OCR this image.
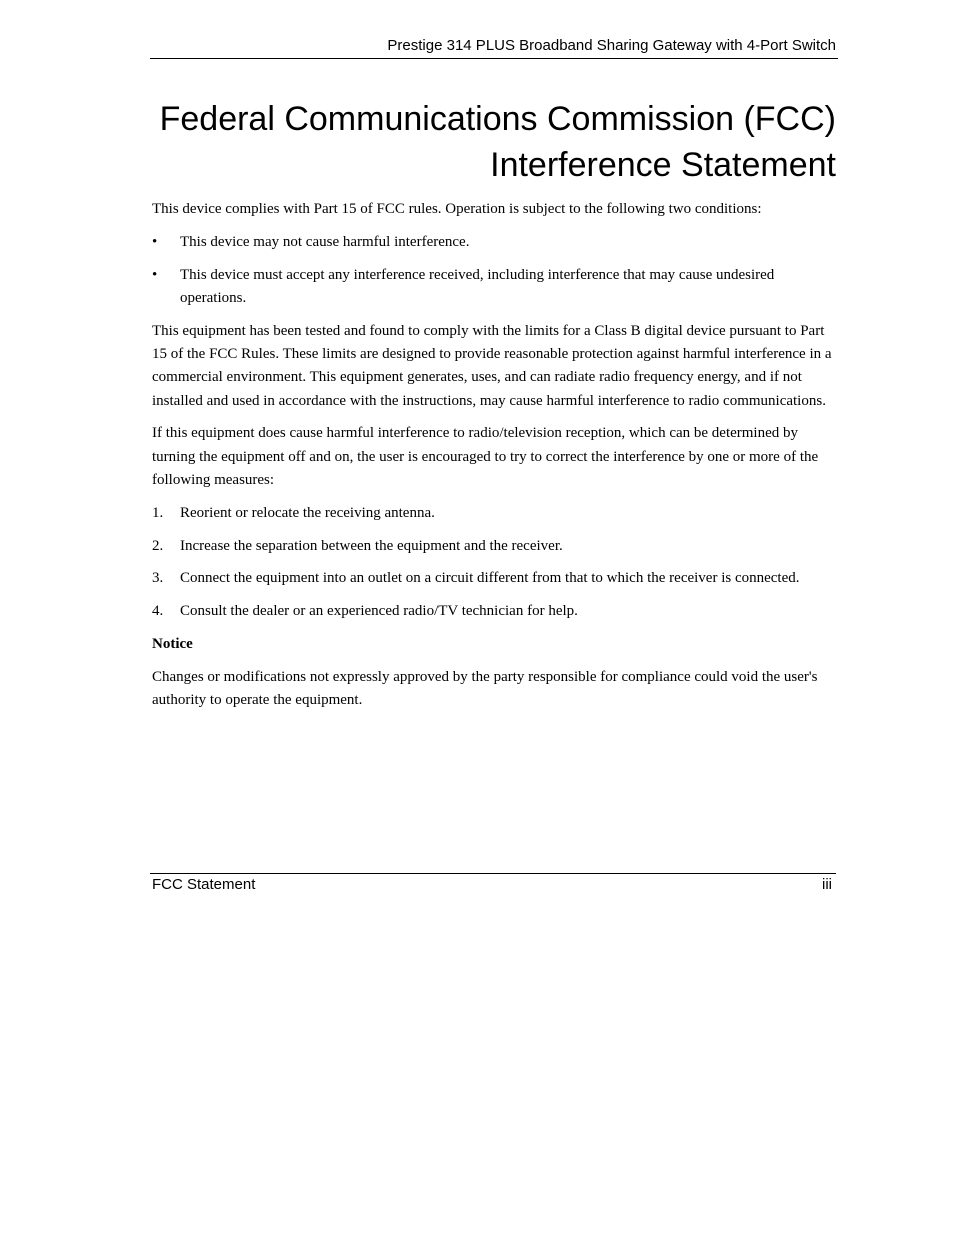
Prestige 314 PLUS Broadband Sharing Gateway with 4-Port Switch
Federal Communications Commission (FCC)
Interference Statement

This device complies with Part 15 of FCC rules. Operation is subject to the following two conditions:

•	This device may not cause harmful interference.
•	This device must accept any interference received, including interference that may cause undesired operations.

This equipment has been tested and found to comply with the limits for a Class B digital device pursuant to Part 15 of the FCC Rules. These limits are designed to provide reasonable protection against harmful interference in a commercial environment. This equipment generates, uses, and can radiate radio frequency energy, and if not installed and used in accordance with the instructions, may cause harmful interference to radio communications.

If this equipment does cause harmful interference to radio/television reception, which can be determined by turning the equipment off and on, the user is encouraged to try to correct the interference by one or more of the following measures:

1.	Reorient or relocate the receiving antenna.
2.	Increase the separation between the equipment and the receiver.
3.	Connect the equipment into an outlet on a circuit different from that to which the receiver is connected.
4.	Consult the dealer or an experienced radio/TV technician for help.

Notice

Changes or modifications not expressly approved by the party responsible for compliance could void the user's authority to operate the equipment.

FCC Statement	iii
